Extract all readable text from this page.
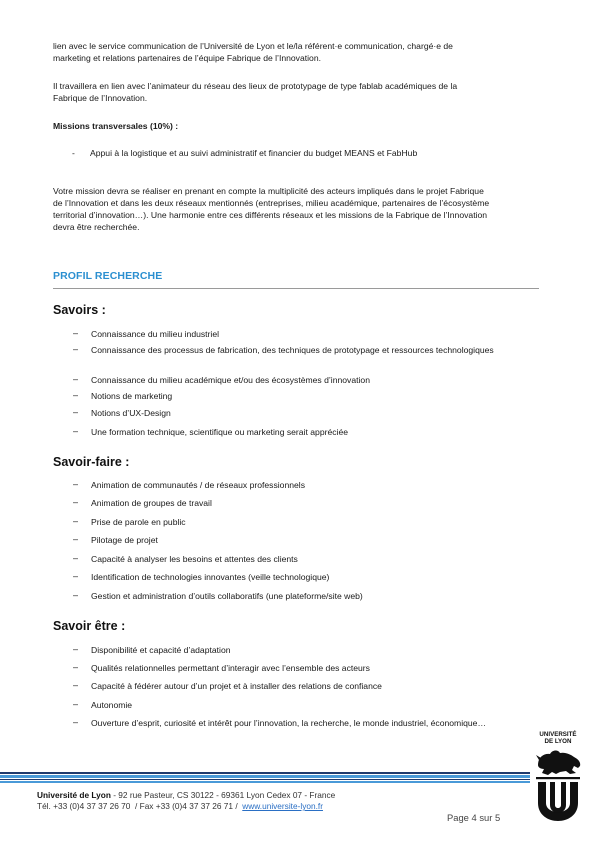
lien avec le service communication de l’Université de Lyon et le/la référent·e communication, chargé·e de
marketing et relations partenaires de l’équipe Fabrique de l’Innovation.
Il travaillera en lien avec l’animateur du réseau des lieux de prototypage de type fablab académiques de la
Fabrique de l’Innovation.
Missions transversales (10%) :
- Appui à la logistique et au suivi administratif et financier du budget MEANS et FabHub
Votre mission devra se réaliser en prenant en compte la multiplicité des acteurs impliqués dans le projet Fabrique
de l’Innovation et dans les deux réseaux mentionnés (entreprises, milieu académique, partenaires de l’écosystème
territorial d’innovation…). Une harmonie entre ces différents réseaux et les missions de la Fabrique de l’Innovation
devra être recherchée.
PROFIL RECHERCHE
Savoirs :
– Connaissance du milieu industriel
– Connaissance des processus de fabrication, des techniques de prototypage et ressources technologiques
– Connaissance du milieu académique et/ou des écosystèmes d’innovation
– Notions de marketing
– Notions d’UX-Design
– Une formation technique, scientifique ou marketing serait appréciée
Savoir-faire :
– Animation de communautés / de réseaux professionnels
– Animation de groupes de travail
– Prise de parole en public
– Pilotage de projet
– Capacité à analyser les besoins et attentes des clients
– Identification de technologies innovantes (veille technologique)
– Gestion et administration d’outils collaboratifs (une plateforme/site web)
Savoir être :
– Disponibilité et capacité d’adaptation
– Qualités relationnelles permettant d’interagir avec l’ensemble des acteurs
– Capacité à fédérer autour d’un projet et à installer des relations de confiance
– Autonomie
– Ouverture d’esprit, curiosité et intérêt pour l’innovation, la recherche, le monde industriel, économique…
Université de Lyon - 92 rue Pasteur, CS 30122 - 69361 Lyon Cedex 07 - France
Tél. +33 (0)4 37 37 26 70  / Fax +33 (0)4 37 37 26 71 /  www.universite-lyon.fr
Page 4 sur 5
UNIVERSITÉ
DE LYON
